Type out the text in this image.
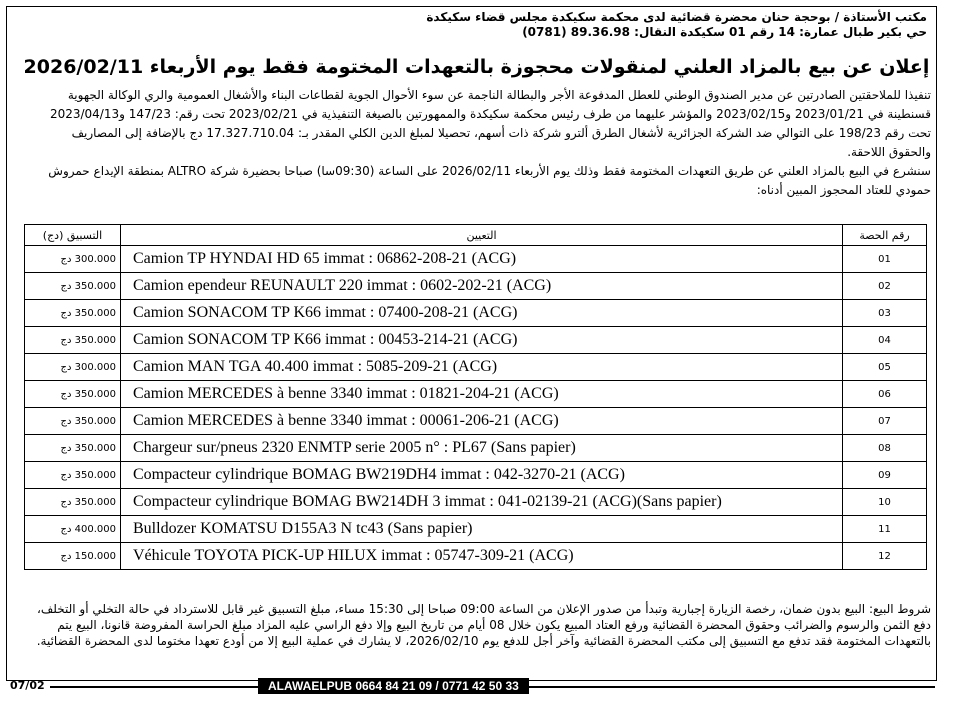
مكتب الأستاذة / بوحجة حنان محضرة قضائية لدى محكمة سكيكدة مجلس قضاء سكيكدة
حي بكير طبال عمارة: 14 رقم 01 سكيكدة النقال: 89.36.98 (0781)
إعلان عن بيع بالمزاد العلني لمنقولات محجوزة بالتعهدات المختومة فقط يوم الأربعاء 2026/02/11

تنفيذا للملاحقتين الصادرتين عن مدير الصندوق الوطني للعطل المدفوعة الأجر والبطالة الناجمة عن سوء الأحوال الجوية لقطاعات البناء والأشغال العمومية والري الوكالة الجهوية قسنطينة في 2023/01/21 و2023/02/15 والمؤشر عليهما من طرف رئيس محكمة سكيكدة والممهورتين بالصيغة التنفيذية في 2023/02/21 تحت رقم: 147/23 و2023/04/13 تحت رقم 198/23 على التوالي ضد الشركة الجزائرية لأشغال الطرق ألترو شركة ذات أسهم، تحصيلا لمبلغ الدين الكلي المقدر بـ: 17.327.710.04 دج بالإضافة إلى المصاريف والحقوق اللاحقة.

سنشرع في البيع بالمزاد العلني عن طريق التعهدات المختومة فقط وذلك يوم الأربعاء 2026/02/11 على الساعة (09:30سا) صباحا بحضيرة شركة ALTRO بمنطقة الإيداع حمروش حمودي للعتاد المحجوز المبين أدناه:

رقم الحصة	التعيين	التسبيق (دج)
01	Camion TP HYNDAI HD 65 immat : 06862-208-21 (ACG)	300.000 دج
02	Camion ependeur REUNAULT 220 immat : 0602-202-21 (ACG)	350.000 دج
03	Camion SONACOM TP K66 immat : 07400-208-21 (ACG)	350.000 دج
04	Camion SONACOM TP K66 immat : 00453-214-21 (ACG)	350.000 دج
05	Camion MAN TGA 40.400 immat : 5085-209-21 (ACG)	300.000 دج
06	Camion MERCEDES à benne 3340 immat : 01821-204-21 (ACG)	350.000 دج
07	Camion MERCEDES à benne 3340 immat : 00061-206-21 (ACG)	350.000 دج
08	Chargeur sur/pneus 2320 ENMTP serie 2005 n° : PL67 (Sans papier)	350.000 دج
09	Compacteur cylindrique BOMAG BW219DH4 immat : 042-3270-21 (ACG)	350.000 دج
10	Compacteur cylindrique BOMAG BW214DH 3 immat : 041-02139-21 (ACG)(Sans papier)	350.000 دج
11	Bulldozer KOMATSU D155A3 N tc43 (Sans papier)	400.000 دج
12	Véhicule TOYOTA PICK-UP HILUX immat : 05747-309-21 (ACG)	150.000 دج

شروط البيع: البيع بدون ضمان، رخصة الزيارة إجبارية وتبدأ من صدور الإعلان من الساعة 09:00 صباحا إلى 15:30 مساء، مبلغ التسبيق غير قابل للاسترداد في حالة التخلي أو التخلف، دفع الثمن والرسوم والضرائب وحقوق المحضرة القضائية ورفع العتاد المبيع يكون خلال 08 أيام من تاريخ البيع وإلا دفع الراسي عليه المزاد مبلغ الحراسة المفروضة قانونا، البيع يتم بالتعهدات المختومة فقد تدفع مع التسبيق إلى مكتب المحضرة القضائية وآخر أجل للدفع يوم 2026/02/10، لا يشارك في عملية البيع إلا من أودع تعهدا مختوما لدى المحضرة القضائية.

07/02	ALAWAELPUB 0664 84 21 09 / 0771 42 50 33
